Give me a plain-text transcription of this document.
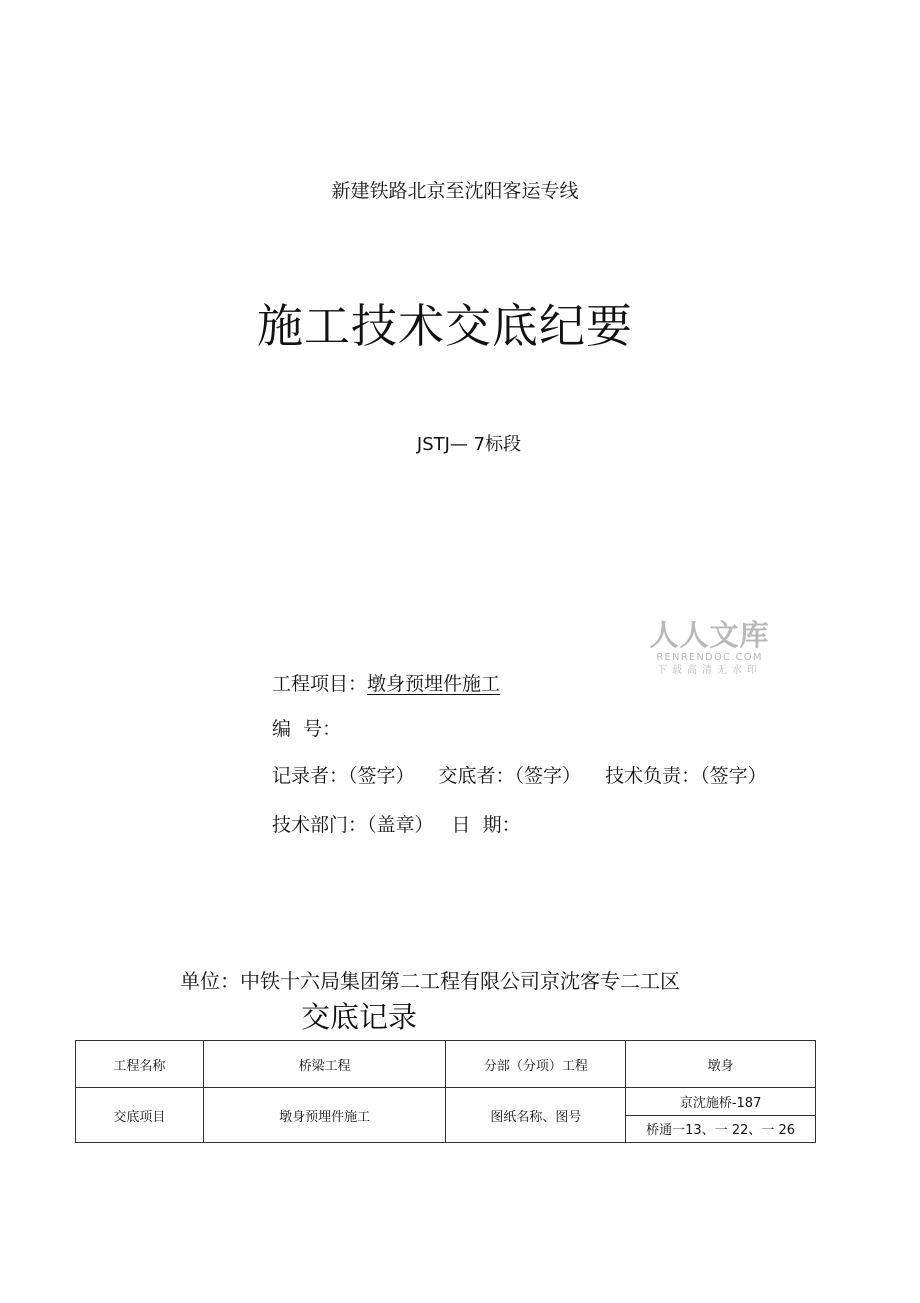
新建铁路北京至沈阳客运专线
施工技术交底纪要
JSTJ— 7标段
人人文库
RENRENDOC.COM
下载高清无水印
工程项目：墩身预埋件施工
编  号：
记录者：（签字） 交底者：（签字） 技术负责：（签字）
技术部门：（盖章） 日  期：
单位：中铁十六局集团第二工程有限公司京沈客专二工区
交底记录
工程名称	桥梁工程	分部（分项）工程	墩身
交底项目	墩身预埋件施工	图纸名称、图号	京沈施桥-187
			桥通一13、一 22、一 26
